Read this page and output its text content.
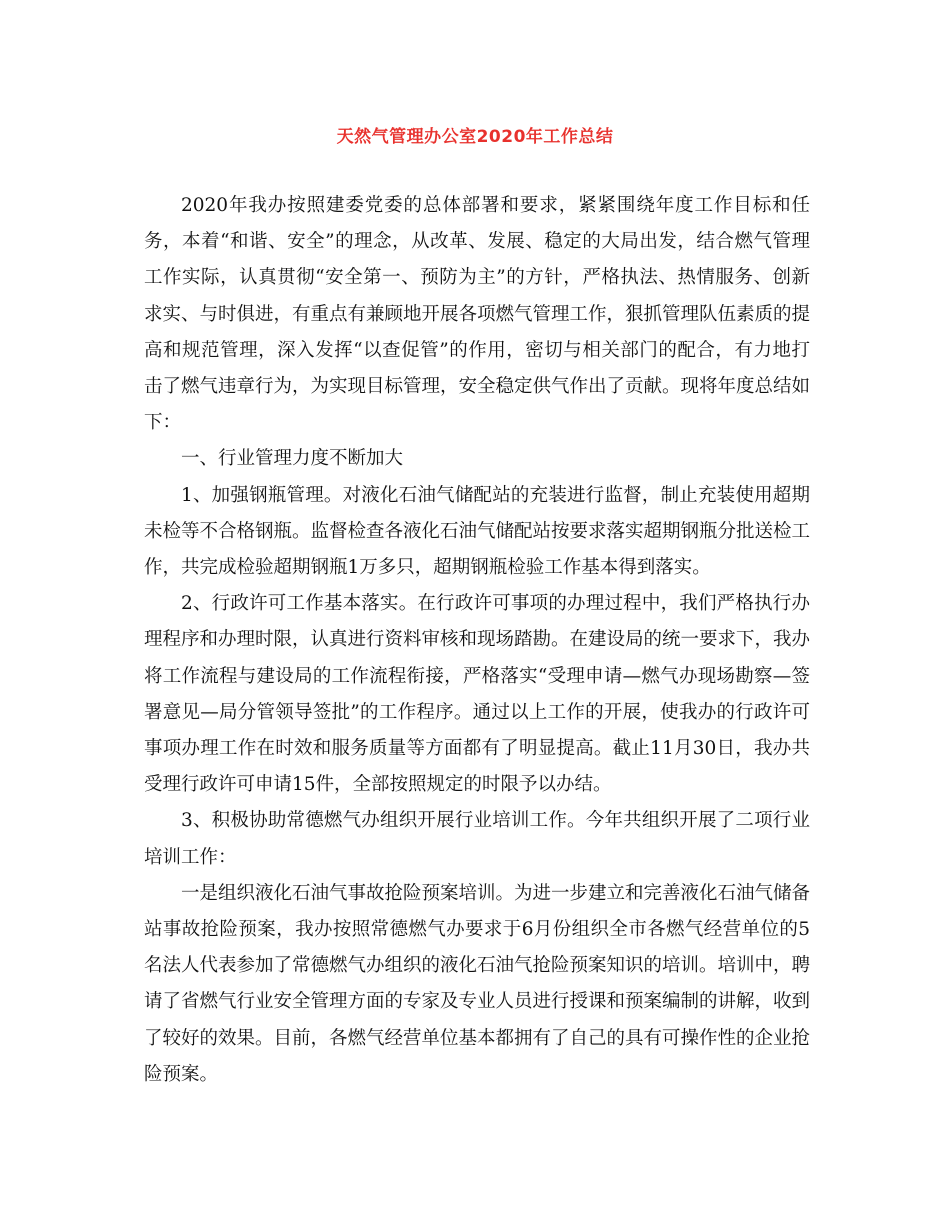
天然气管理办公室2020年工作总结

2020年我办按照建委党委的总体部署和要求，紧紧围绕年度工作目标和任务，本着“和谐、安全”的理念，从改革、发展、稳定的大局出发，结合燃气管理工作实际，认真贯彻“安全第一、预防为主”的方针，严格执法、热情服务、创新求实、与时俱进，有重点有兼顾地开展各项燃气管理工作，狠抓管理队伍素质的提高和规范管理，深入发挥“以查促管”的作用，密切与相关部门的配合，有力地打击了燃气违章行为，为实现目标管理，安全稳定供气作出了贡献。现将年度总结如下：

一、行业管理力度不断加大

1、加强钢瓶管理。对液化石油气储配站的充装进行监督，制止充装使用超期未检等不合格钢瓶。监督检查各液化石油气储配站按要求落实超期钢瓶分批送检工作，共完成检验超期钢瓶1万多只，超期钢瓶检验工作基本得到落实。

2、行政许可工作基本落实。在行政许可事项的办理过程中，我们严格执行办理程序和办理时限，认真进行资料审核和现场踏勘。在建设局的统一要求下，我办将工作流程与建设局的工作流程衔接，严格落实“受理申请—燃气办现场勘察—签署意见—局分管领导签批”的工作程序。通过以上工作的开展，使我办的行政许可事项办理工作在时效和服务质量等方面都有了明显提高。截止11月30日，我办共受理行政许可申请15件，全部按照规定的时限予以办结。

3、积极协助常德燃气办组织开展行业培训工作。今年共组织开展了二项行业培训工作：

一是组织液化石油气事故抢险预案培训。为进一步建立和完善液化石油气储备站事故抢险预案，我办按照常德燃气办要求于6月份组织全市各燃气经营单位的5名法人代表参加了常德燃气办组织的液化石油气抢险预案知识的培训。培训中，聘请了省燃气行业安全管理方面的专家及专业人员进行授课和预案编制的讲解，收到了较好的效果。目前，各燃气经营单位基本都拥有了自己的具有可操作性的企业抢险预案。
